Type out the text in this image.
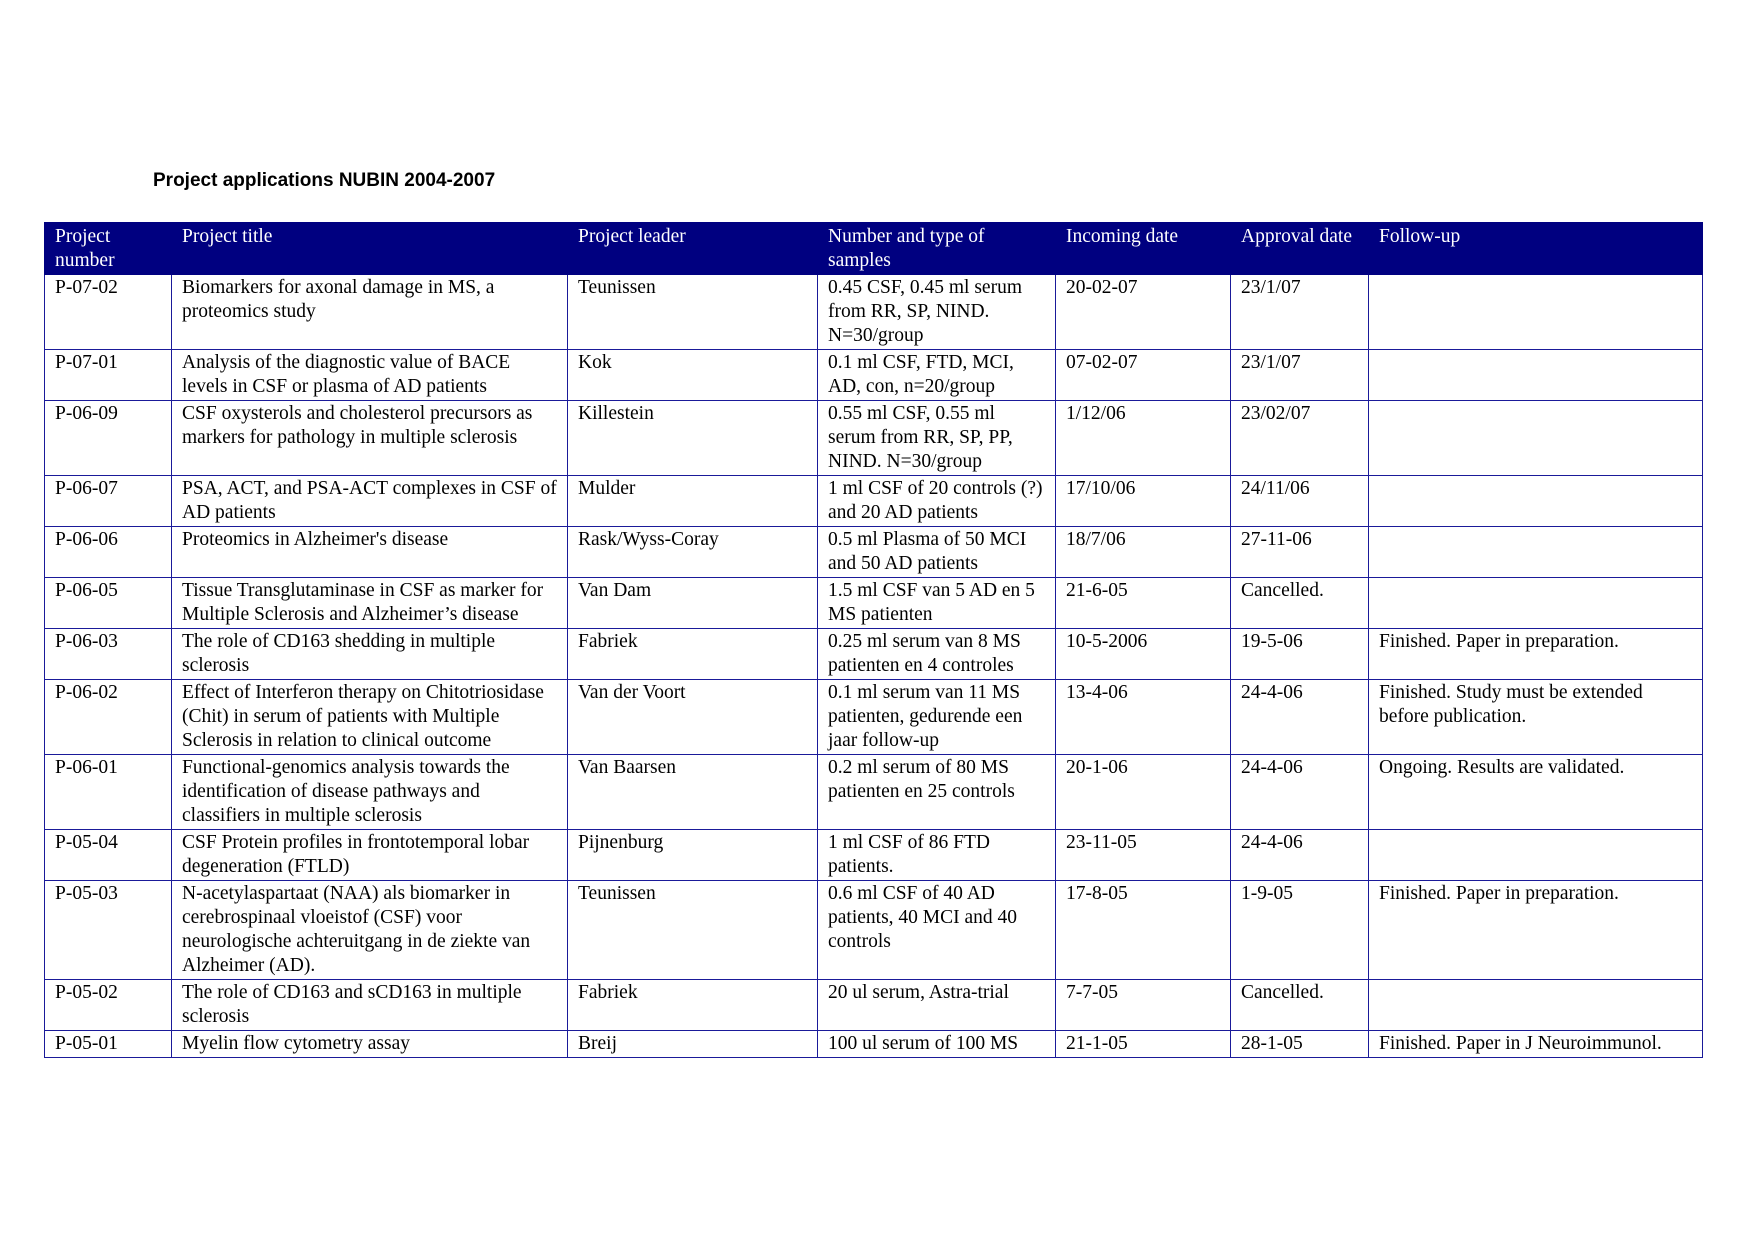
Project applications NUBIN 2004-2007
Project number	Project title	Project leader	Number and type of samples	Incoming date	Approval date	Follow-up
P-07-02	Biomarkers for axonal damage in MS, a proteomics study	Teunissen	0.45 CSF, 0.45 ml serum from RR, SP, NIND. N=30/group	20-02-07	23/1/07	
P-07-01	Analysis of the diagnostic value of BACE levels in CSF or plasma of AD patients	Kok	0.1 ml CSF, FTD, MCI, AD, con, n=20/group	07-02-07	23/1/07	
P-06-09	CSF oxysterols and cholesterol precursors as markers for pathology in multiple sclerosis	Killestein	0.55 ml CSF, 0.55 ml serum from RR, SP, PP, NIND. N=30/group	1/12/06	23/02/07	
P-06-07	PSA, ACT, and PSA-ACT complexes in CSF of AD patients	Mulder	1 ml CSF of 20 controls (?) and 20 AD patients	17/10/06	24/11/06	
P-06-06	Proteomics in Alzheimer's disease	Rask/Wyss-Coray	0.5 ml Plasma of 50 MCI and 50 AD patients	18/7/06	27-11-06	
P-06-05	Tissue Transglutaminase in CSF as marker for Multiple Sclerosis and Alzheimer’s disease	Van Dam	1.5 ml CSF van 5 AD en 5 MS patienten	21-6-05	Cancelled.	
P-06-03	The role of CD163 shedding in multiple sclerosis	Fabriek	0.25 ml serum van 8 MS patienten en 4 controles	10-5-2006	19-5-06	Finished. Paper in preparation.
P-06-02	Effect of Interferon therapy on Chitotriosidase (Chit) in serum of patients with Multiple Sclerosis in relation to clinical outcome	Van der Voort	0.1 ml serum van 11 MS patienten, gedurende een jaar follow-up	13-4-06	24-4-06	Finished. Study must be extended before publication.
P-06-01	Functional-genomics analysis towards the identification of disease pathways and classifiers in multiple sclerosis	Van Baarsen	0.2 ml serum of 80 MS patienten en 25 controls	20-1-06	24-4-06	Ongoing. Results are validated.
P-05-04	CSF Protein profiles in frontotemporal lobar degeneration (FTLD)	Pijnenburg	1 ml CSF of 86 FTD patients.	23-11-05	24-4-06	
P-05-03	N-acetylaspartaat (NAA) als biomarker in cerebrospinaal vloeistof (CSF) voor neurologische achteruitgang in de ziekte van Alzheimer (AD).	Teunissen	0.6 ml CSF of 40 AD patients, 40 MCI and 40 controls	17-8-05	1-9-05	Finished. Paper in preparation.
P-05-02	The role of CD163 and sCD163 in multiple sclerosis	Fabriek	20 ul serum, Astra-trial	7-7-05	Cancelled.	
P-05-01	Myelin flow cytometry assay	Breij	100 ul serum of 100 MS	21-1-05	28-1-05	Finished. Paper in J Neuroimmunol.
